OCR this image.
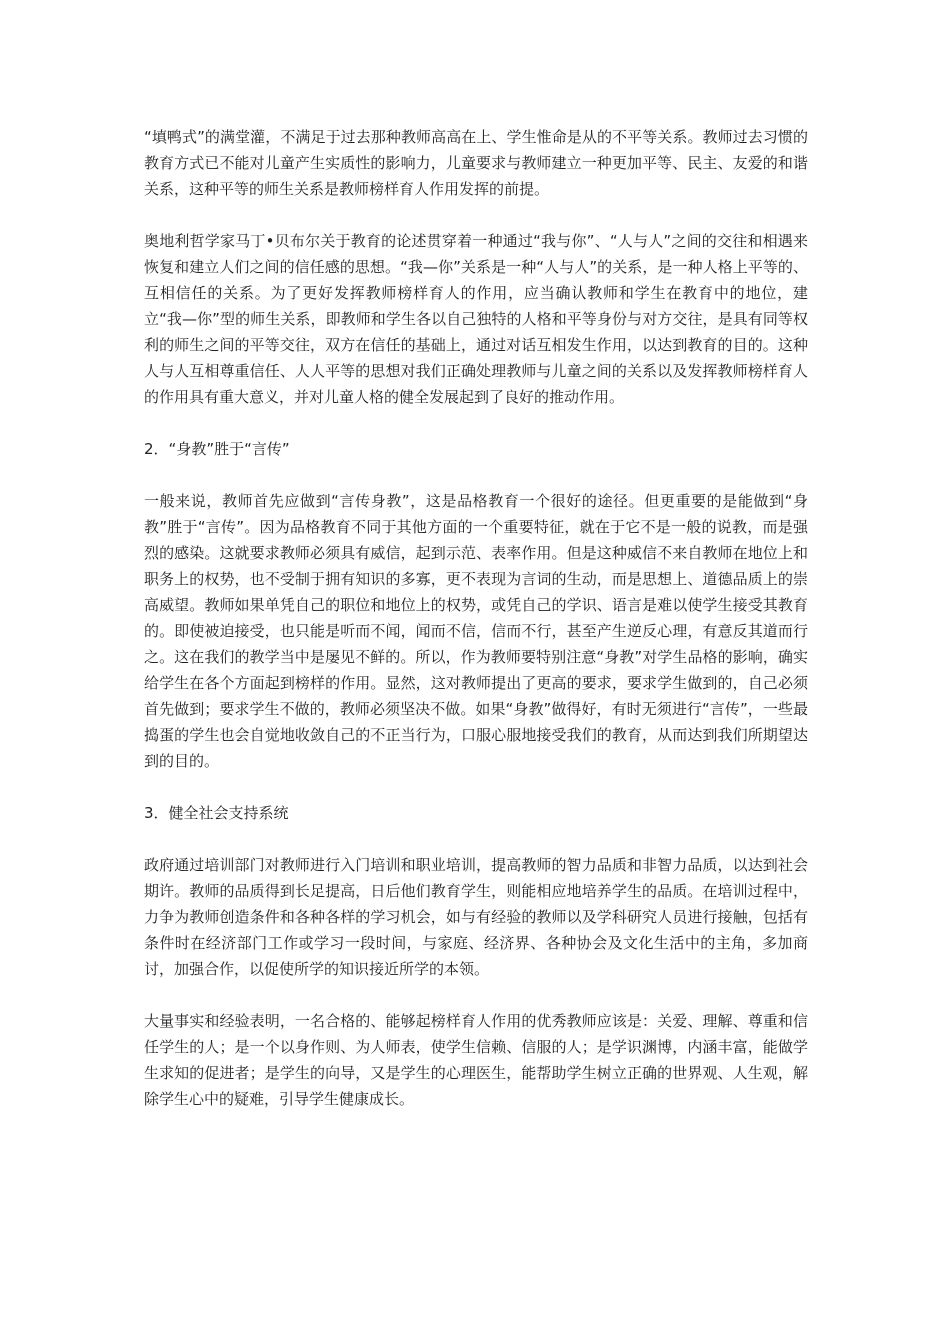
“填鸭式”的满堂灌，不满足于过去那种教师高高在上、学生惟命是从的不平等关系。教师过去习惯的教育方式已不能对儿童产生实质性的影响力，儿童要求与教师建立一种更加平等、民主、友爱的和谐关系，这种平等的师生关系是教师榜样育人作用发挥的前提。

奥地利哲学家马丁•贝布尔关于教育的论述贯穿着一种通过“我与你”、“人与人”之间的交往和相遇来恢复和建立人们之间的信任感的思想。“我—你”关系是一种“人与人”的关系，是一种人格上平等的、互相信任的关系。为了更好发挥教师榜样育人的作用，应当确认教师和学生在教育中的地位，建立“我—你”型的师生关系，即教师和学生各以自己独特的人格和平等身份与对方交往，是具有同等权利的师生之间的平等交往，双方在信任的基础上，通过对话互相发生作用，以达到教育的目的。这种人与人互相尊重信任、人人平等的思想对我们正确处理教师与儿童之间的关系以及发挥教师榜样育人的作用具有重大意义，并对儿童人格的健全发展起到了良好的推动作用。

2．“身教”胜于“言传”

一般来说，教师首先应做到“言传身教”，这是品格教育一个很好的途径。但更重要的是能做到“身教”胜于“言传”。因为品格教育不同于其他方面的一个重要特征，就在于它不是一般的说教，而是强烈的感染。这就要求教师必须具有威信，起到示范、表率作用。但是这种威信不来自教师在地位上和职务上的权势，也不受制于拥有知识的多寡，更不表现为言词的生动，而是思想上、道德品质上的崇高威望。教师如果单凭自己的职位和地位上的权势，或凭自己的学识、语言是难以使学生接受其教育的。即使被迫接受，也只能是听而不闻，闻而不信，信而不行，甚至产生逆反心理，有意反其道而行之。这在我们的教学当中是屡见不鲜的。所以，作为教师要特别注意“身教”对学生品格的影响，确实给学生在各个方面起到榜样的作用。显然，这对教师提出了更高的要求，要求学生做到的，自己必须首先做到；要求学生不做的，教师必须坚决不做。如果“身教”做得好，有时无须进行“言传”，一些最捣蛋的学生也会自觉地收敛自己的不正当行为，口服心服地接受我们的教育，从而达到我们所期望达到的目的。

3．健全社会支持系统

政府通过培训部门对教师进行入门培训和职业培训，提高教师的智力品质和非智力品质，以达到社会期许。教师的品质得到长足提高，日后他们教育学生，则能相应地培养学生的品质。在培训过程中，力争为教师创造条件和各种各样的学习机会，如与有经验的教师以及学科研究人员进行接触，包括有条件时在经济部门工作或学习一段时间，与家庭、经济界、各种协会及文化生活中的主角，多加商讨，加强合作，以促使所学的知识接近所学的本领。

大量事实和经验表明，一名合格的、能够起榜样育人作用的优秀教师应该是：关爱、理解、尊重和信任学生的人；是一个以身作则、为人师表，使学生信赖、信服的人；是学识渊博，内涵丰富，能做学生求知的促进者；是学生的向导，又是学生的心理医生，能帮助学生树立正确的世界观、人生观，解除学生心中的疑难，引导学生健康成长。
